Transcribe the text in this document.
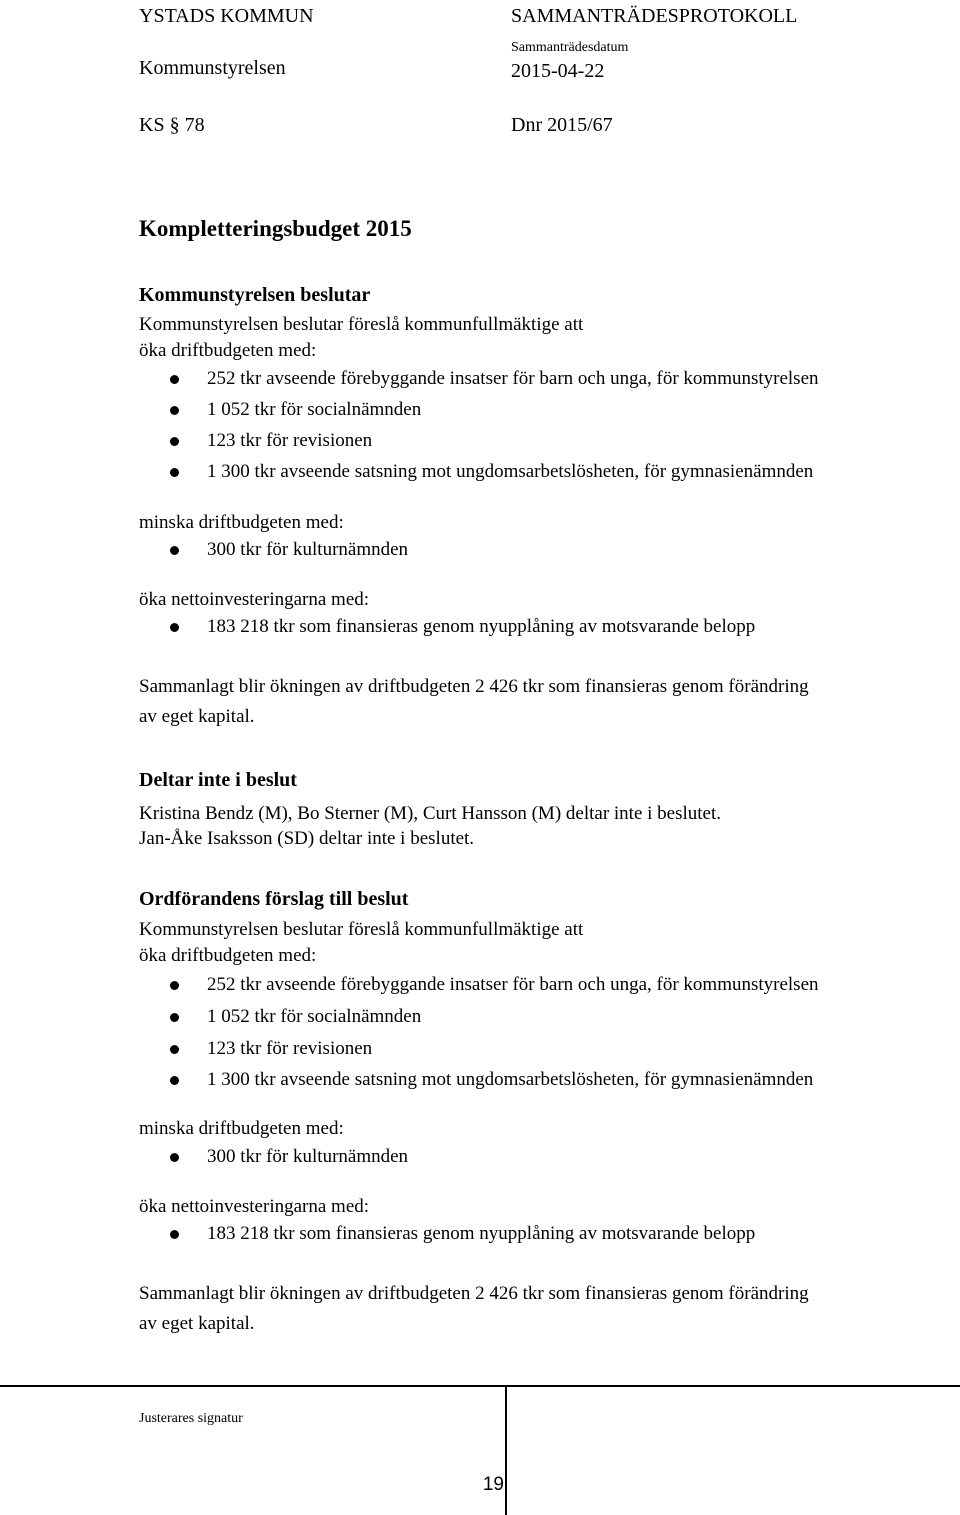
YSTADS KOMMUN	SAMMANTRÄDESPROTOKOLL
Kommunstyrelsen
Sammanträdesdatum
2015-04-22
KS § 78	Dnr 2015/67
Kompletteringsbudget 2015
Kommunstyrelsen beslutar
Kommunstyrelsen beslutar föreslå kommunfullmäktige att
öka driftbudgeten med:
252 tkr avseende förebyggande insatser för barn och unga, för kommunstyrelsen
1 052 tkr för socialnämnden
123 tkr för revisionen
1 300 tkr avseende satsning mot ungdomsarbetslösheten, för gymnasienämnden
minska driftbudgeten med:
300 tkr för kulturnämnden
öka nettoinvesteringarna med:
183 218 tkr som finansieras genom nyupplåning av motsvarande belopp
Sammanlagt blir ökningen av driftbudgeten 2 426 tkr som finansieras genom förändring
av eget kapital.
Deltar inte i beslut
Kristina Bendz (M), Bo Sterner (M), Curt Hansson (M) deltar inte i beslutet.
Jan-Åke Isaksson (SD) deltar inte i beslutet.
Ordförandens förslag till beslut
Kommunstyrelsen beslutar föreslå kommunfullmäktige att
öka driftbudgeten med:
252 tkr avseende förebyggande insatser för barn och unga, för kommunstyrelsen
1 052 tkr för socialnämnden
123 tkr för revisionen
1 300 tkr avseende satsning mot ungdomsarbetslösheten, för gymnasienämnden
minska driftbudgeten med:
300 tkr för kulturnämnden
öka nettoinvesteringarna med:
183 218 tkr som finansieras genom nyupplåning av motsvarande belopp
Sammanlagt blir ökningen av driftbudgeten 2 426 tkr som finansieras genom förändring
av eget kapital.
Justerares signatur
19
